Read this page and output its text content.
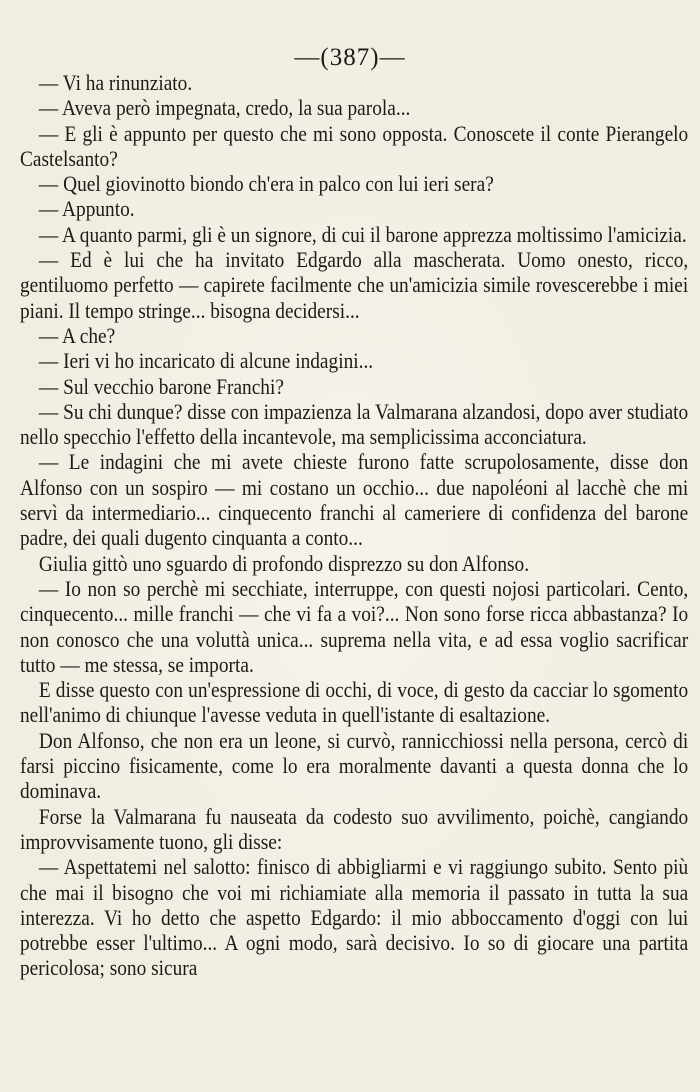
—(387)—

— Vi ha rinunziato.

— Aveva però impegnata, credo, la sua parola...

— E gli è appunto per questo che mi sono opposta. Conoscete il conte Pierangelo Castelsanto?

— Quel giovinotto biondo ch'era in palco con lui ieri sera?

— Appunto.

— A quanto parmi, gli è un signore, di cui il barone apprezza moltissimo l'amicizia.

— Ed è lui che ha invitato Edgardo alla mascherata. Uomo onesto, ricco, gentiluomo perfetto — capirete facilmente che un'amicizia simile rovescerebbe i miei piani. Il tempo stringe... bisogna decidersi...

— A che?

— Ieri vi ho incaricato di alcune indagini...

— Sul vecchio barone Franchi?

— Su chi dunque? disse con impazienza la Valmarana alzandosi, dopo aver studiato nello specchio l'effetto della incantevole, ma semplicissima acconciatura.

— Le indagini che mi avete chieste furono fatte scrupolosamente, disse don Alfonso con un sospiro — mi costano un occhio... due napoléoni al lacchè che mi servì da intermediario... cinquecento franchi al cameriere di confidenza del barone padre, dei quali dugento cinquanta a conto...

Giulia gittò uno sguardo di profondo disprezzo su don Alfonso.

— Io non so perchè mi secchiate, interruppe, con questi nojosi particolari. Cento, cinquecento... mille franchi — che vi fa a voi?... Non sono forse ricca abbastanza? Io non conosco che una voluttà unica... suprema nella vita, e ad essa voglio sacrificar tutto — me stessa, se importa.

E disse questo con un'espressione di occhi, di voce, di gesto da cacciar lo sgomento nell'animo di chiunque l'avesse veduta in quell'istante di esaltazione.

Don Alfonso, che non era un leone, si curvò, rannicchiossi nella persona, cercò di farsi piccino fisicamente, come lo era moralmente davanti a questa donna che lo dominava.

Forse la Valmarana fu nauseata da codesto suo avvilimento, poichè, cangiando improvvisamente tuono, gli disse:

— Aspettatemi nel salotto: finisco di abbigliarmi e vi raggiungo subito. Sento più che mai il bisogno che voi mi richiamiate alla memoria il passato in tutta la sua interezza. Vi ho detto che aspetto Edgardo: il mio abboccamento d'oggi con lui potrebbe esser l'ultimo... A ogni modo, sarà decisivo. Io so di giocare una partita pericolosa; sono sicura
